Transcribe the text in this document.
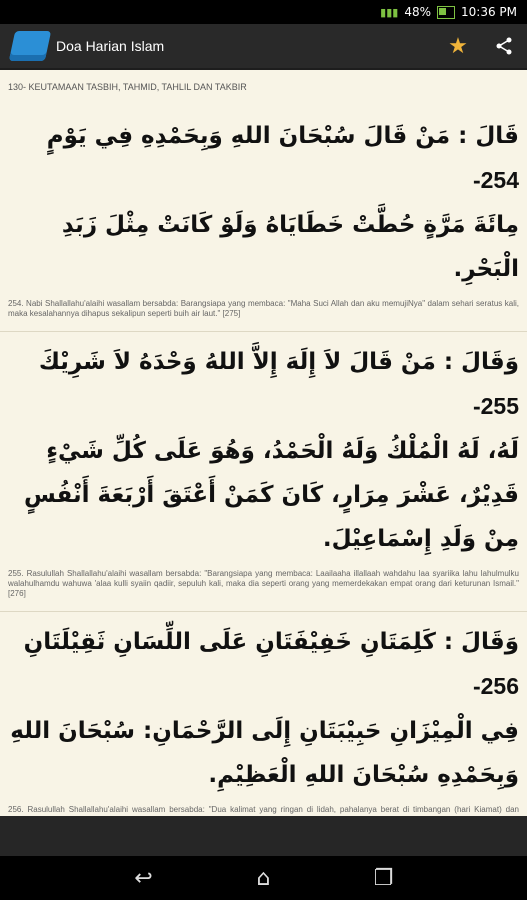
▮▮▮ 48%	10:36 PM
Doa Harian Islam	★
130- KEUTAMAAN TASBIH, TAHMID, TAHLIL DAN TAKBIR

قَالَ : مَنْ قَالَ سُبْحَانَ اللهِ وَبِحَمْدِهِ فِي يَوْمٍ 254-
مِائَةَ مَرَّةٍ حُطَّتْ خَطَايَاهُ وَلَوْ كَانَتْ مِثْلَ زَبَدِ الْبَحْرِ.

254. Nabi Shallallahu'alaihi wasallam bersabda: Barangsiapa yang membaca: "Maha Suci Allah dan aku memujiNya" dalam sehari seratus kali, maka kesalahannya dihapus sekalipun seperti buih air laut." [275]

وَقَالَ : مَنْ قَالَ لاَ إِلَهَ إِلاَّ اللهُ وَحْدَهُ لاَ شَرِيْكَ 255-
لَهُ، لَهُ الْمُلْكُ وَلَهُ الْحَمْدُ، وَهُوَ عَلَى كُلِّ شَيْءٍ قَدِيْرٌ، عَشْرَ مِرَارٍ، كَانَ كَمَنْ أَعْتَقَ أَرْبَعَةَ أَنْفُسٍ مِنْ وَلَدِ إِسْمَاعِيْلَ.

255. Rasulullah Shallallahu'alaihi wasallam bersabda: "Barangsiapa yang membaca: Laailaaha illallaah wahdahu laa syariika lahu lahulmulku walahulhamdu wahuwa 'alaa kulli syaiin qadiir, sepuluh kali, maka dia seperti orang yang memerdekakan empat orang dari keturunan Ismail." [276]

وَقَالَ : كَلِمَتَانِ خَفِيْفَتَانِ عَلَى اللِّسَانِ ثَقِيْلَتَانِ 256-
فِي الْمِيْزَانِ حَبِيْبَتَانِ إِلَى الرَّحْمَانِ: سُبْحَانَ اللهِ وَبِحَمْدِهِ سُبْحَانَ اللهِ الْعَظِيْمِ.

256. Rasulullah Shallallahu'alaihi wasallam bersabda: "Dua kalimat yang ringan di lidah, pahalanya berat di timbangan (hari Kiamat) dan

↩	⌂	❐
